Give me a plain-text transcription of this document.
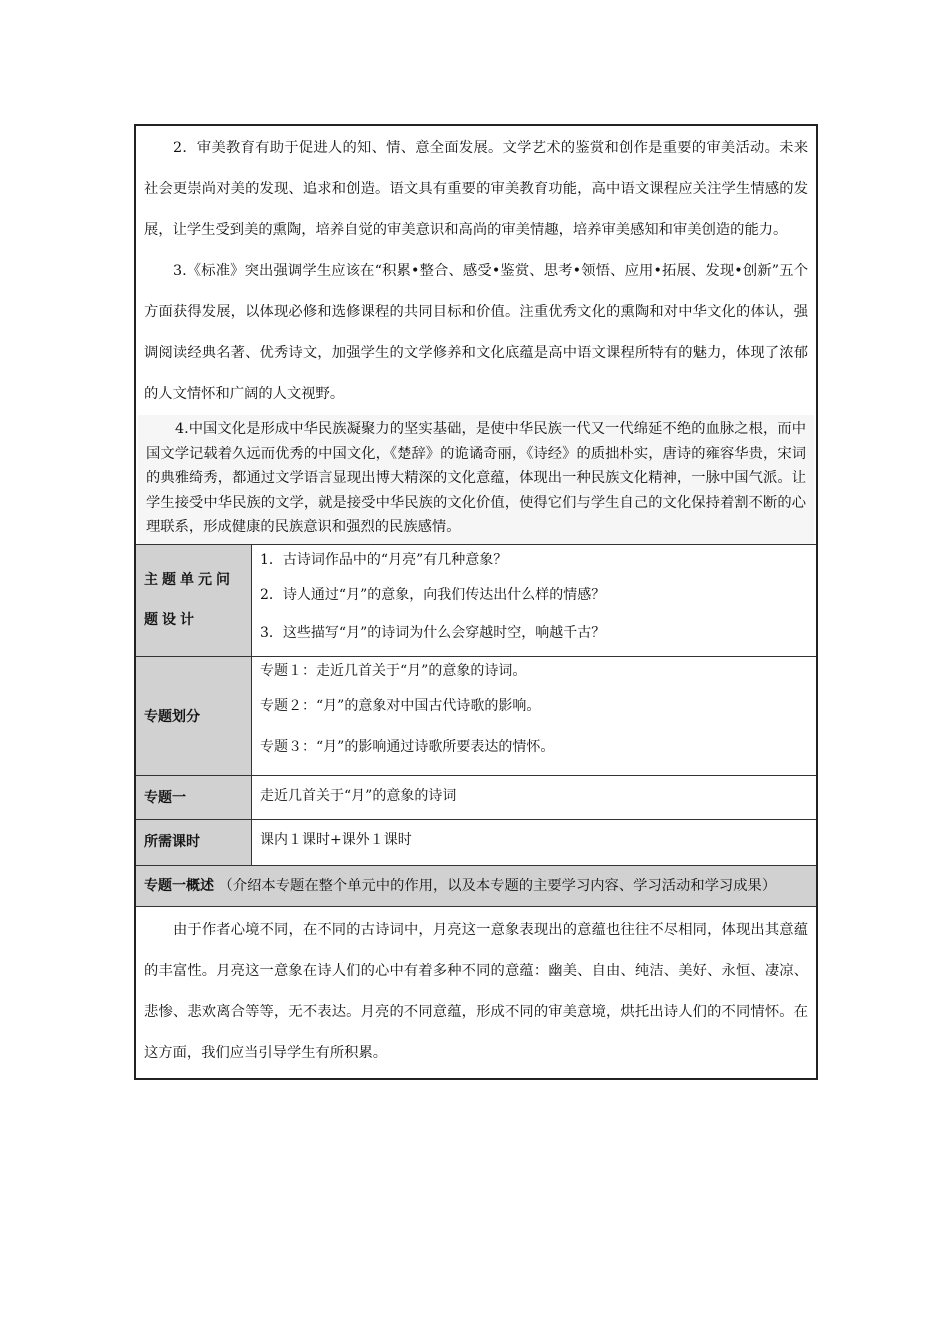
2．审美教育有助于促进人的知、情、意全面发展。文学艺术的鉴赏和创作是重要的审美活动。未来社会更崇尚对美的发现、追求和创造。语文具有重要的审美教育功能，高中语文课程应关注学生情感的发展，让学生受到美的熏陶，培养自觉的审美意识和高尚的审美情趣，培养审美感知和审美创造的能力。

3.《标准》突出强调学生应该在“积累•整合、感受•鉴赏、思考•领悟、应用•拓展、发现•创新”五个方面获得发展，以体现必修和选修课程的共同目标和价值。注重优秀文化的熏陶和对中华文化的体认，强调阅读经典名著、优秀诗文，加强学生的文学修养和文化底蕴是高中语文课程所特有的魅力，体现了浓郁的人文情怀和广阔的人文视野。

4.中国文化是形成中华民族凝聚力的坚实基础，是使中华民族一代又一代绵延不绝的血脉之根，而中国文学记载着久远而优秀的中国文化，《楚辞》的诡谲奇丽，《诗经》的质拙朴实，唐诗的雍容华贵，宋词的典雅绮秀，都通过文学语言显现出博大精深的文化意蕴，体现出一种民族文化精神，一脉中国气派。让学生接受中华民族的文学，就是接受中华民族的文化价值，使得它们与学生自己的文化保持着割不断的心理联系，形成健康的民族意识和强烈的民族感情。

主题单元问
题设计

1．古诗词作品中的“月亮”有几种意象？

2．诗人通过“月”的意象，向我们传达出什么样的情感？

3．这些描写“月”的诗词为什么会穿越时空，响越千古？

专题划分

专题１：走近几首关于“月”的意象的诗词。

专题２：“月”的意象对中国古代诗歌的影响。

专题３：“月”的影响通过诗歌所要表达的情怀。

专题一	走近几首关于“月”的意象的诗词

所需课时	课内１课时+课外１课时

专题一概述 （介绍本专题在整个单元中的作用，以及本专题的主要学习内容、学习活动和学习成果）

由于作者心境不同，在不同的古诗词中，月亮这一意象表现出的意蕴也往往不尽相同，体现出其意蕴的丰富性。月亮这一意象在诗人们的心中有着多种不同的意蕴：幽美、自由、纯洁、美好、永恒、凄凉、悲惨、悲欢离合等等，无不表达。月亮的不同意蕴，形成不同的审美意境，烘托出诗人们的不同情怀。在这方面，我们应当引导学生有所积累。
